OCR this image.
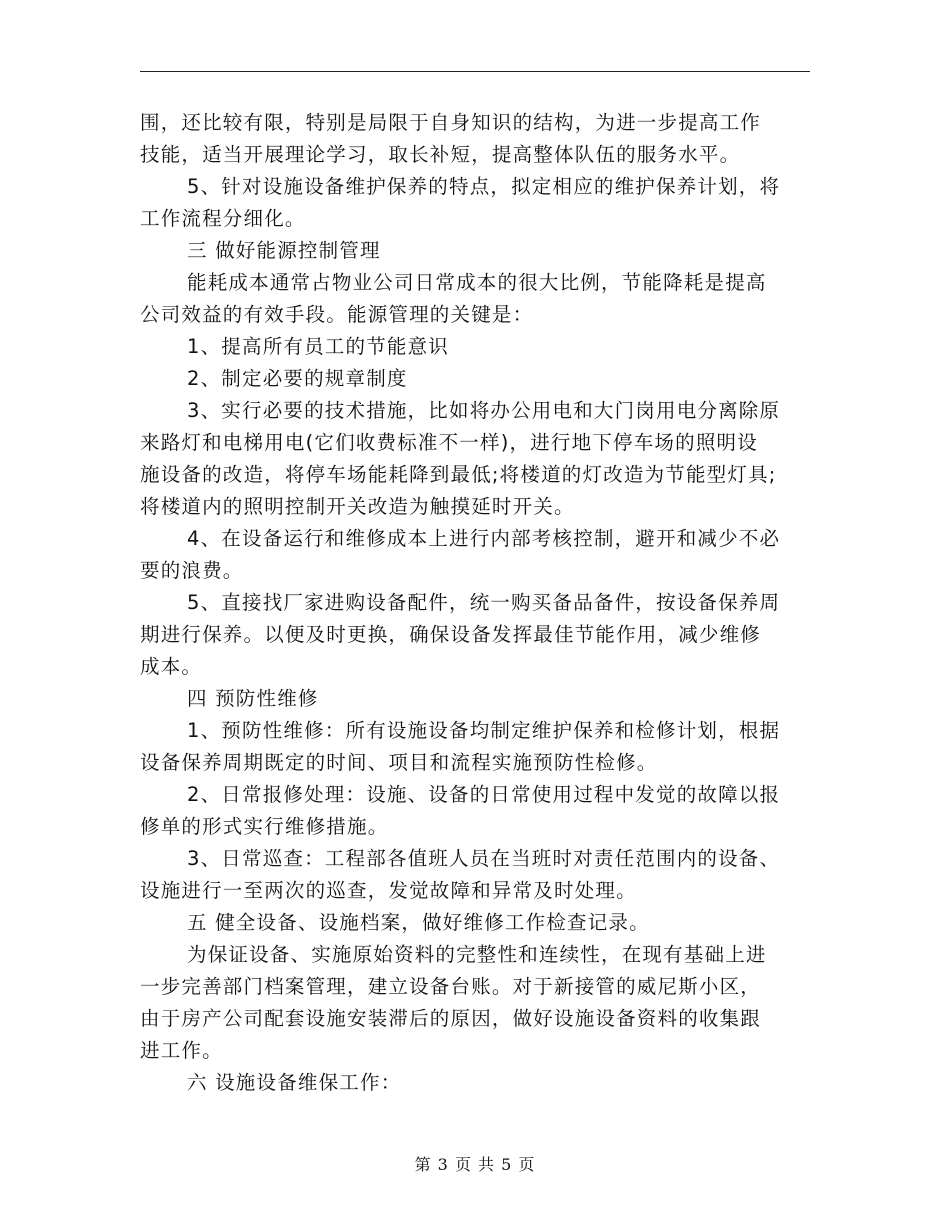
围，还比较有限，特别是局限于自身知识的结构，为进一步提高工作
技能，适当开展理论学习，取长补短，提高整体队伍的服务水平。
5、针对设施设备维护保养的特点，拟定相应的维护保养计划，将
工作流程分细化。
三 做好能源控制管理
能耗成本通常占物业公司日常成本的很大比例，节能降耗是提高
公司效益的有效手段。能源管理的关键是：
1、提高所有员工的节能意识
2、制定必要的规章制度
3、实行必要的技术措施，比如将办公用电和大门岗用电分离除原
来路灯和电梯用电(它们收费标准不一样)，进行地下停车场的照明设
施设备的改造，将停车场能耗降到最低;将楼道的灯改造为节能型灯具;
将楼道内的照明控制开关改造为触摸延时开关。
4、在设备运行和维修成本上进行内部考核控制，避开和减少不必
要的浪费。
5、直接找厂家进购设备配件，统一购买备品备件，按设备保养周
期进行保养。以便及时更换，确保设备发挥最佳节能作用，减少维修
成本。
四 预防性维修
1、预防性维修：所有设施设备均制定维护保养和检修计划，根据
设备保养周期既定的时间、项目和流程实施预防性检修。
2、日常报修处理：设施、设备的日常使用过程中发觉的故障以报
修单的形式实行维修措施。
3、日常巡查：工程部各值班人员在当班时对责任范围内的设备、
设施进行一至两次的巡查，发觉故障和异常及时处理。
五 健全设备、设施档案，做好维修工作检查记录。
为保证设备、实施原始资料的完整性和连续性，在现有基础上进
一步完善部门档案管理，建立设备台账。对于新接管的威尼斯小区，
由于房产公司配套设施安装滞后的原因，做好设施设备资料的收集跟
进工作。
六 设施设备维保工作：
第 3 页 共 5 页
